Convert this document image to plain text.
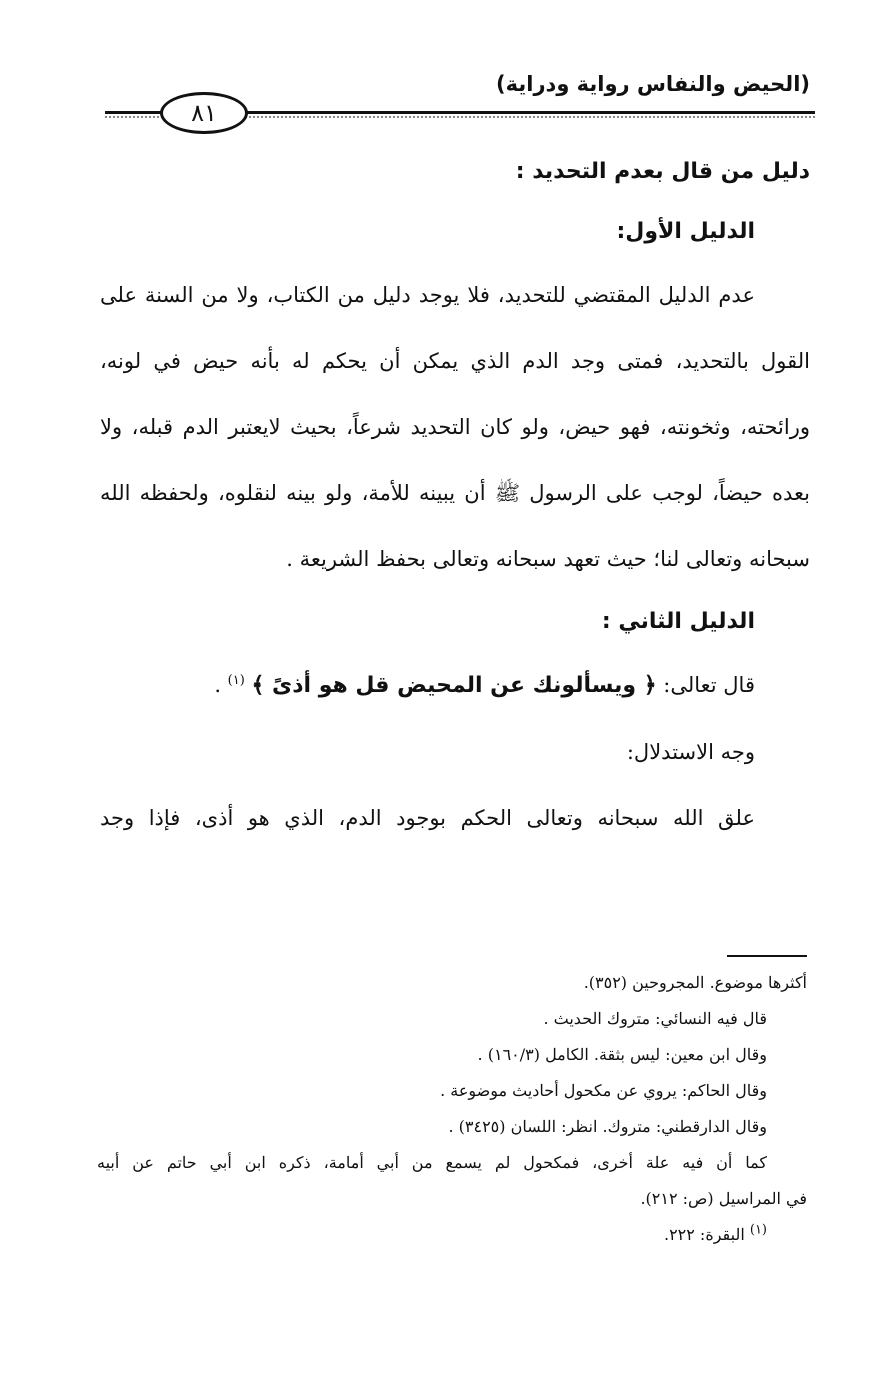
(الحيض والنفاس رواية ودراية)
٨١

دليل من قال بعدم التحديد :

الدليل الأول:

عدم الدليل المقتضي للتحديد، فلا يوجد دليل من الكتاب، ولا من السنة على القول بالتحديد، فمتى وجد الدم الذي يمكن أن يحكم له بأنه حيض في لونه، ورائحته، وثخونته، فهو حيض، ولو كان التحديد شرعاً، بحيث لايعتبر الدم قبله، ولا بعده حيضاً، لوجب على الرسول ﷺ أن يبينه للأمة، ولو بينه لنقلوه، ولحفظه الله سبحانه وتعالى لنا؛ حيث تعهد سبحانه وتعالى بحفظ الشريعة .

الدليل الثاني :

قال تعالى: ﴿ ويسألونك عن المحيض قل هو أذىً ﴾ $^{(١)}$ .

وجه الاستدلال:

علق الله سبحانه وتعالى الحكم بوجود الدم، الذي هو أذى، فإذا وجد

أكثرها موضوع. المجروحين (٣٥٢).

قال فيه النسائي: متروك الحديث .

وقال ابن معين: ليس بثقة. الكامل (١٦٠/٣) .

وقال الحاكم: يروي عن مكحول أحاديث موضوعة .

وقال الدارقطني: متروك. انظر: اللسان (٣٤٢٥) .

كما أن فيه علة أخرى، فمكحول لم يسمع من أبي أمامة، ذكره ابن أبي حاتم عن أبيه

في المراسيل (ص: ٢١٢).

$^{(١)}$ البقرة: ٢٢٢.
